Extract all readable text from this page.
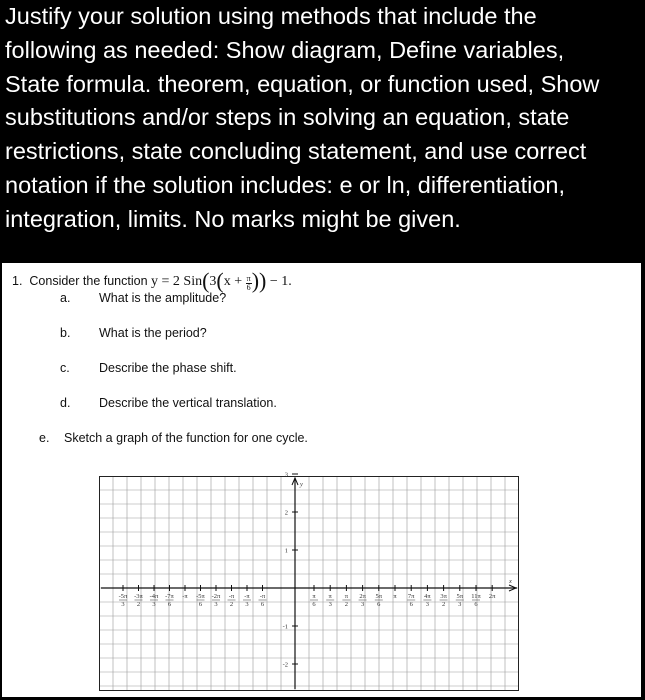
Justify your solution using methods that include the
following as needed: Show diagram, Define variables,
State formula. theorem, equation, or function used, Show
substitutions and/or steps in solving an equation, state
restrictions, state concluding statement, and use correct
notation if the solution includes: e or ln, differentiation,
integration, limits. No marks might be given.
1. Consider the function y = 2 $Sin(3(x + \frac{\pi}{6}$ )) − 1.
a. What is the amplitude?
b. What is the period?
c. Describe the phase shift.
d. Describe the vertical translation.
e. Sketch a graph of the function for one cycle.
y
x
3
2
1
-1
-2
-5π
3
-3π
2
-4π
3
-7π
6
-π -5π
6
-2π
3
-π
2
-π
3
-π
6
π
6
π
3
π
2
2π
3
5π
6
π 7π
6
4π
3
3π
2
5π
3
11π
6
2π
